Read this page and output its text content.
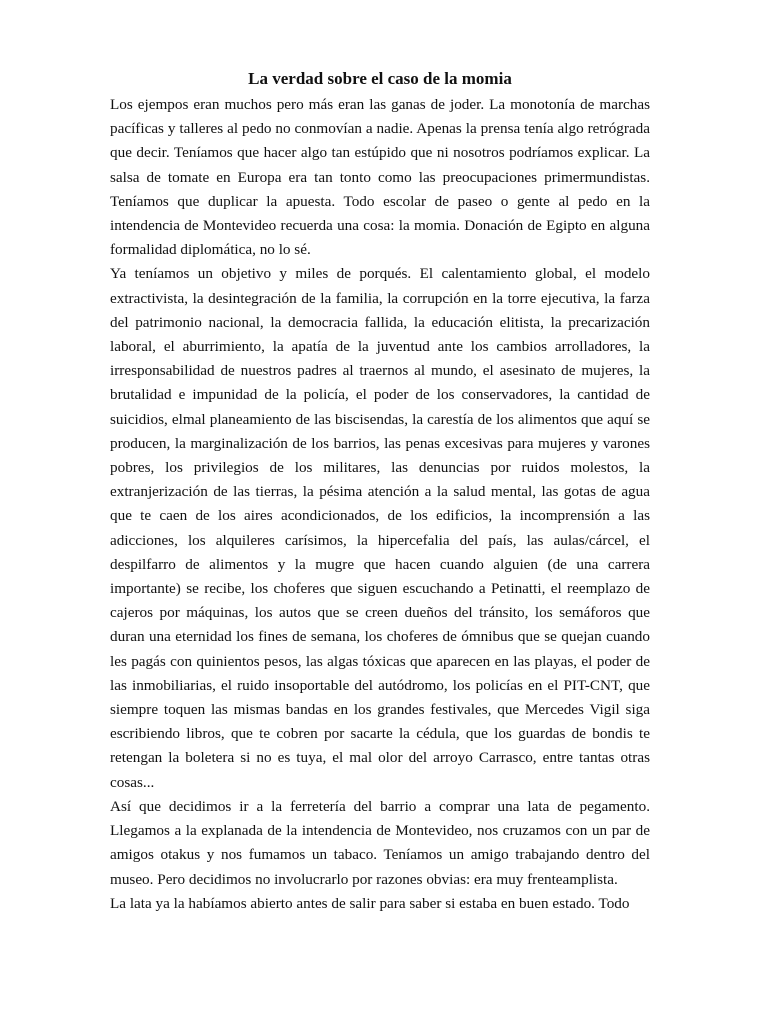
La verdad sobre el caso de la momia

Los ejempos eran muchos pero más eran las ganas de joder. La monotonía de marchas pacíficas y talleres al pedo no conmovían a nadie. Apenas la prensa tenía algo retrógrada que decir. Teníamos que hacer algo tan estúpido que ni nosotros podríamos explicar. La salsa de tomate en Europa era tan tonto como las preocupaciones primermundistas. Teníamos que duplicar la apuesta. Todo escolar de paseo o gente al pedo en la intendencia de Montevideo recuerda una cosa: la momia. Donación de Egipto en alguna formalidad diplomática, no lo sé.

Ya teníamos un objetivo y miles de porqués. El calentamiento global, el modelo extractivista, la desintegración de la familia, la corrupción en la torre ejecutiva, la farza del patrimonio nacional, la democracia fallida, la educación elitista, la precarización laboral, el aburrimiento, la apatía de la juventud ante los cambios arrolladores, la irresponsabilidad de nuestros padres al traernos al mundo, el asesinato de mujeres, la brutalidad e impunidad de la policía, el poder de los conservadores, la cantidad de suicidios, elmal planeamiento de las biscisendas, la carestía de los alimentos que aquí se producen, la marginalización de los barrios, las penas excesivas para mujeres y varones pobres, los privilegios de los militares, las denuncias por ruidos molestos, la extranjerización de las tierras, la pésima atención a la salud mental, las gotas de agua que te caen de los aires acondicionados, de los edificios, la incomprensión a las adicciones, los alquileres carísimos, la hipercefalia del país, las aulas/cárcel, el despilfarro de alimentos y la mugre que hacen cuando alguien (de una carrera importante) se recibe, los choferes que siguen escuchando a Petinatti, el reemplazo de cajeros por máquinas, los autos que se creen dueños del tránsito, los semáforos que duran una eternidad los fines de semana, los choferes de ómnibus que se quejan cuando les pagás con quinientos pesos, las algas tóxicas que aparecen en las playas, el poder de las inmobiliarias, el ruido insoportable del autódromo, los policías en el PIT-CNT, que siempre toquen las mismas bandas en los grandes festivales, que Mercedes Vigil siga escribiendo libros, que te cobren por sacarte la cédula, que los guardas de bondis te retengan la boletera si no es tuya, el mal olor del arroyo Carrasco, entre tantas otras cosas...

Así que decidimos ir a la ferretería del barrio a comprar una lata de pegamento. Llegamos a la explanada de la intendencia de Montevideo, nos cruzamos con un par de amigos otakus y nos fumamos un tabaco. Teníamos un amigo trabajando dentro del museo. Pero decidimos no involucrarlo por razones obvias: era muy frenteamplista.

La lata ya la habíamos abierto antes de salir para saber si estaba en buen estado. Todo
